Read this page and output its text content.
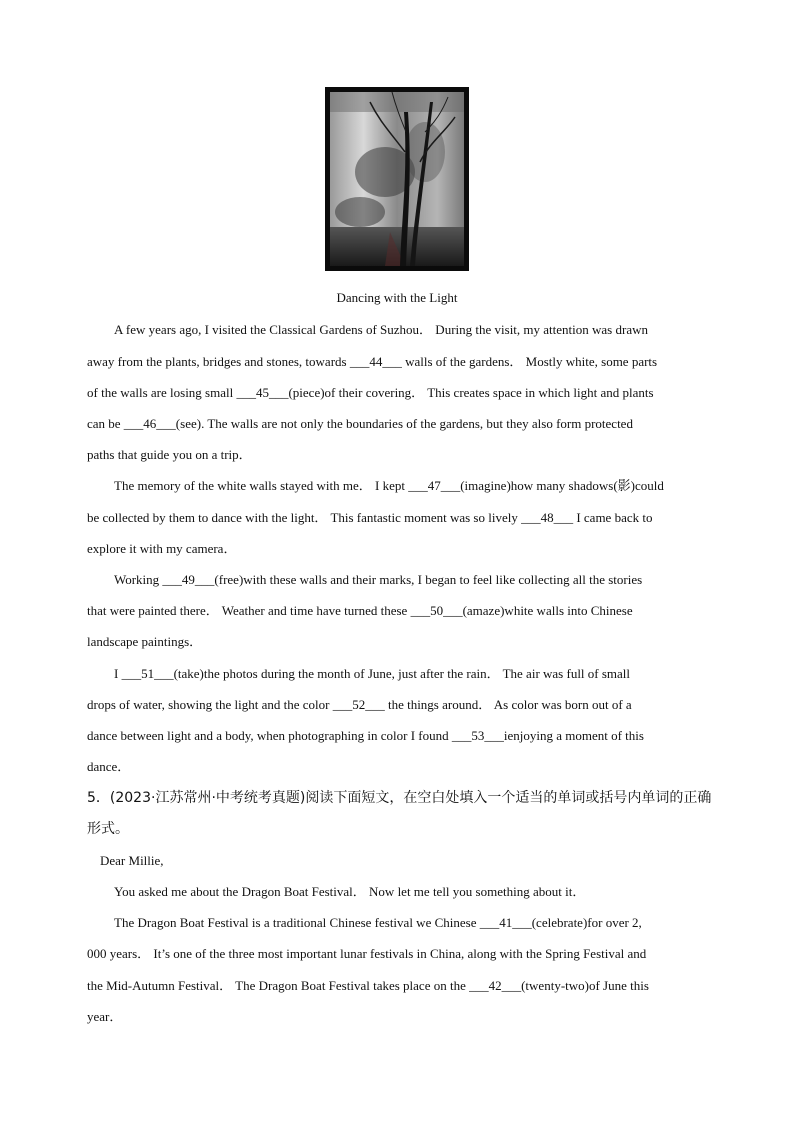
Dancing with the Light
A few years ago, I visited the Classical Gardens of Suzhou． During the visit, my attention was drawn
away from the plants, bridges and stones, towards ___44___ walls of the gardens． Mostly white, some parts
of the walls are losing small ___45___(piece)of their covering． This creates space in which light and plants
can be ___46___(see). The walls are not only the boundaries of the gardens, but they also form protected
paths that guide you on a trip．
The memory of the white walls stayed with me． I kept ___47___(imagine)how many shadows(影)could
be collected by them to dance with the light． This fantastic moment was so lively ___48___ I came back to
explore it with my camera．
Working ___49___(free)with these walls and their marks, I began to feel like collecting all the stories
that were painted there． Weather and time have turned these ___50___(amaze)white walls into Chinese
landscape paintings．
I ___51___(take)the photos during the month of June, just after the rain． The air was full of small
drops of water, showing the light and the color ___52___ the things around． As color was born out of a
dance between light and a body, when photographing in color I found ___53___ienjoying a moment of this
dance．
5．(2023·江苏常州·中考统考真题)阅读下面短文，在空白处填入一个适当的单词或括号内单词的正确
形式。
Dear Millie,
You asked me about the Dragon Boat Festival． Now let me tell you something about it．
The Dragon Boat Festival is a traditional Chinese festival we Chinese ___41___(celebrate)for over 2,
000 years． It’s one of the three most important lunar festivals in China, along with the Spring Festival and
the Mid-Autumn Festival． The Dragon Boat Festival takes place on the ___42___(twenty-two)of June this
year．
